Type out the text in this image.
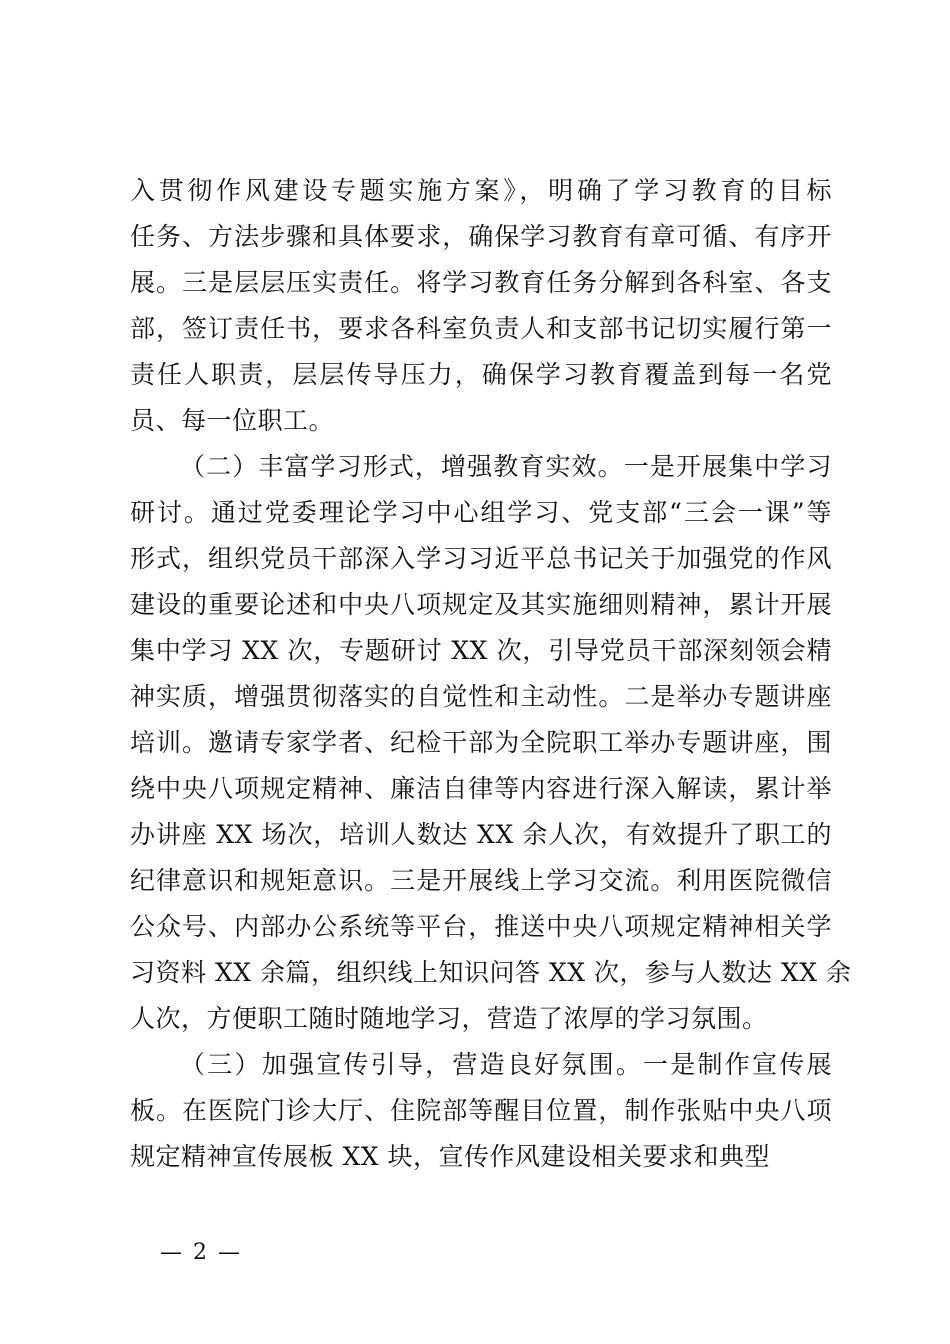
入贯彻作风建设专题实施方案》，明确了学习教育的目标
任务、方法步骤和具体要求，确保学习教育有章可循、有序开
展。三是层层压实责任。将学习教育任务分解到各科室、各支
部，签订责任书，要求各科室负责人和支部书记切实履行第一
责任人职责，层层传导压力，确保学习教育覆盖到每一名党
员、每一位职工。
（二）丰富学习形式，增强教育实效。一是开展集中学习
研讨。通过党委理论学习中心组学习、党支部“三会一课”等
形式，组织党员干部深入学习习近平总书记关于加强党的作风
建设的重要论述和中央八项规定及其实施细则精神，累计开展
集中学习 XX 次，专题研讨 XX 次，引导党员干部深刻领会精
神实质，增强贯彻落实的自觉性和主动性。二是举办专题讲座
培训。邀请专家学者、纪检干部为全院职工举办专题讲座，围
绕中央八项规定精神、廉洁自律等内容进行深入解读，累计举
办讲座 XX 场次，培训人数达 XX 余人次，有效提升了职工的
纪律意识和规矩意识。三是开展线上学习交流。利用医院微信
公众号、内部办公系统等平台，推送中央八项规定精神相关学
习资料 XX 余篇，组织线上知识问答 XX 次，参与人数达 XX 余
人次，方便职工随时随地学习，营造了浓厚的学习氛围。
（三）加强宣传引导，营造良好氛围。一是制作宣传展
板。在医院门诊大厅、住院部等醒目位置，制作张贴中央八项
规定精神宣传展板 XX 块，宣传作风建设相关要求和典型
— 2 —
